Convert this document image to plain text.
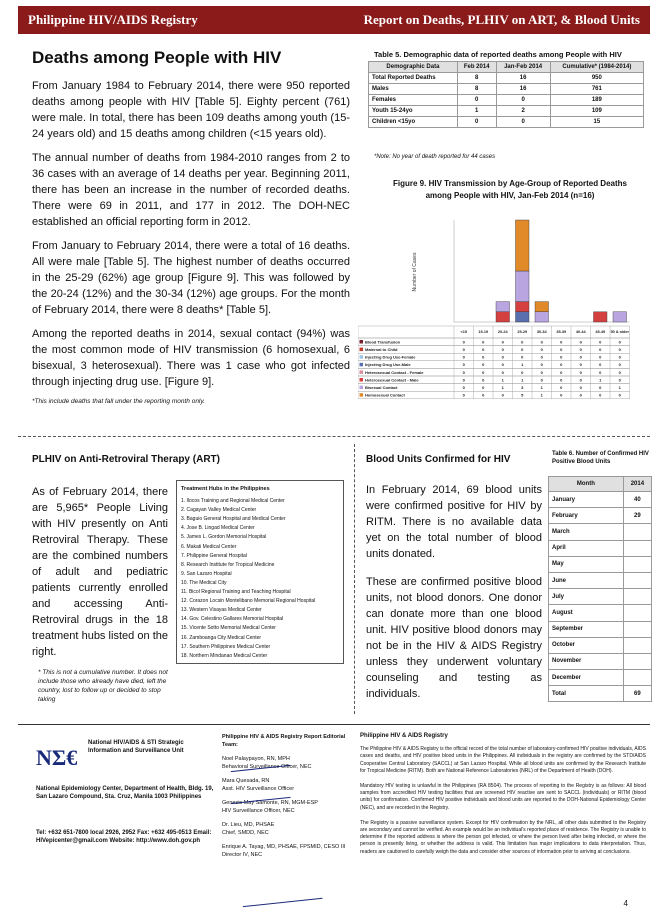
Philippine HIV/AIDS Registry	Report on Deaths, PLHIV on ART, & Blood Units
Deaths among People with HIV

From January 1984 to February 2014, there were 950 reported deaths among people with HIV [Table 5]. Eighty percent (761) were male. In total, there has been 109 deaths among youth (15-24 years old) and 15 deaths among children (<15 years old).

The annual number of deaths from 1984-2010 ranges from 2 to 36 cases with an average of 14 deaths per year. Beginning 2011, there has been an increase in the number of recorded deaths. There were 69 in 2011, and 177 in 2012. The DOH-NEC established an official reporting form in 2012.

From January to February 2014, there were a total of 16 deaths. All were male [Table 5]. The highest number of deaths occurred in the 25-29 (62%) age group [Figure 9]. This was followed by the 20-24 (12%) and the 30-34 (12%) age groups. For the month of February 2014, there were 8 deaths* [Table 5].

Among the reported deaths in 2014, sexual contact (94%) was the most common mode of HIV transmission (6 homosexual, 6 bisexual, 3 heterosexual). There was 1 case who got infected through injecting drug use. [Figure 9].

*This include deaths that fall under the reporting month only.
Table 5. Demographic data of reported deaths among People with HIV
Demographic Data	Feb 2014	Jan-Feb 2014	Cumulative* (1984-2014)
Total Reported Deaths	8	16	950
Males	8	16	761
Females	0	0	189
Youth 15-24yo	1	2	109
Children <15yo	0	0	15
*Note: No year of death reported for 44 cases
Figure 9. HIV Transmission by Age-Group of Reported Deaths among People with HIV, Jan-Feb 2014 (n=16)
Number of Cases
<15	15-19	20-24	25-29	30-34	35-39	40-44	45-49 50 & older
Blood Transfusion	0	0	0	0	0	0	0	0	0
Maternal to Child	0	0	0	0	0	0	0	0	0
Injecting Drug Use-Female	0	0	0	0	0	0	0	0	0
Injecting Drug Use-Male	0	0	0	1	0	0	0	0	0
Heterosexual Contact - Female	0	0	0	0	0	0	0	0	0
Heterosexual Contact - Male	0	0	1	1	0	0	0	1	0
Bisexual Contact	0	0	1	3	1	0	0	0	1
Homosexual Contact	0	0	0	5	1	0	0	0	0
PLHIV on Anti-Retroviral Therapy (ART)

As of February 2014, there are 5,965* People Living with HIV presently on Anti Retroviral Therapy. These are the combined numbers of adult and pediatric patients currently enrolled and accessing Anti-Retroviral drugs in the 18 treatment hubs listed on the right.

Treatment Hubs in the Philippines
1. Ilocos Training and Regional Medical Center
2. Cagayan Valley Medical Center
3. Baguio General Hospital and Medical Center
4. Jose B. Lingad Medical Center
5. James L. Gordon Memorial Hospital
6. Makati Medical Center
7. Philippine General Hospital
8. Research Institute for Tropical Medicine
9. San Lazaro Hospital
10. The Medical City
11. Bicol Regional Training and Teaching Hospital
12. Corazon Locsin Montelibano Memorial Regional Hospital
13. Western Visayas Medical Center
14. Gov. Celestino Gallares Memorial Hospital
15. Vicente Sotto Memorial Medical Center
16. Zamboanga City Medical Center
17. Southern Philippines Medical Center
18. Northern Mindanao Medical Center
* This is not a cumulative number. It does not include those who already have died, left the country, lost to follow up or decided to stop taking
Blood Units Confirmed for HIV

In February 2014, 69 blood units were confirmed positive for HIV by RITM. There is no available data yet on the total number of blood units donated.

These are confirmed positive blood units, not blood donors. One donor can donate more than one blood unit. HIV positive blood donors may not be in the HIV & AIDS Registry unless they underwent voluntary counseling and testing as individuals.

Table 6. Number of Confirmed HIV Positive Blood Units
Month	2014
January	40
February	29
March	
April	
May	
June	
July	
August	
September	
October	
November	
December	
Total	69
NΣ€
National HIV/AIDS & STI Strategic Information and Surveillance Unit
National Epidemiology Center, Department of Health, Bldg. 19, San Lazaro Compound, Sta. Cruz, Manila 1003 Philippines
Tel: +632 651-7800 local 2926, 2952 Fax: +632 495-0513 Email: HIVepicenter@gmail.com Website: http://www.doh.gov.ph
Philippine HIV & AIDS Registry Report Editorial Team:
Noel Palaypayon, RN, MPH
Behavioral Surveillance Officer, NEC
Mara Quesada, RN
Asst. HIV Surveillance Officer
Genesis May Samonte, RN, MGM-ESP
HIV Surveillance Officer, NEC
Dr. Lieu, MD, PHSAE
Chief, SMDD, NEC
Enrique A. Tayag, MD, PHSAE, FPSMID, CESO III
Director IV, NEC
Philippine HIV & AIDS Registry

The Philippine HIV & AIDS Registry is the official record of the total number of laboratory-confirmed HIV positive individuals, AIDS cases and deaths, and HIV positive blood units in the Philippines. All individuals in the registry are confirmed by the STD/AIDS Cooperative Central Laboratory (SACCL) at San Lazaro Hospital. While all blood units are confirmed by the Research Institute for Tropical Medicine (RITM). Both are National Reference Laboratories (NRL) of the Department of Health (DOH).

Mandatory HIV testing is unlawful in the Philippines (RA 8504). The process of reporting to the Registry is as follows: All blood samples from accredited HIV testing facilities that are screened HIV reactive are sent to SACCL (individuals) or RITM (blood units) for confirmation. Confirmed HIV positive individuals and blood units are reported to the DOH-National Epidemiology Center (NEC), and are recorded in the Registry.

The Registry is a passive surveillance system. Except for HIV confirmation by the NRL, all other data submitted to the Registry are secondary and cannot be verified. An example would be an individual's reported place of residence. The Registry is unable to determine if the reported address is where the person got infected, or where the person lived after being infected, or where the person is presently living, or whether the address is valid. This limitation has major implications to data interpretation. Thus, readers are cautioned to carefully weigh the data and consider other sources of information prior to arriving at conclusions.

4
